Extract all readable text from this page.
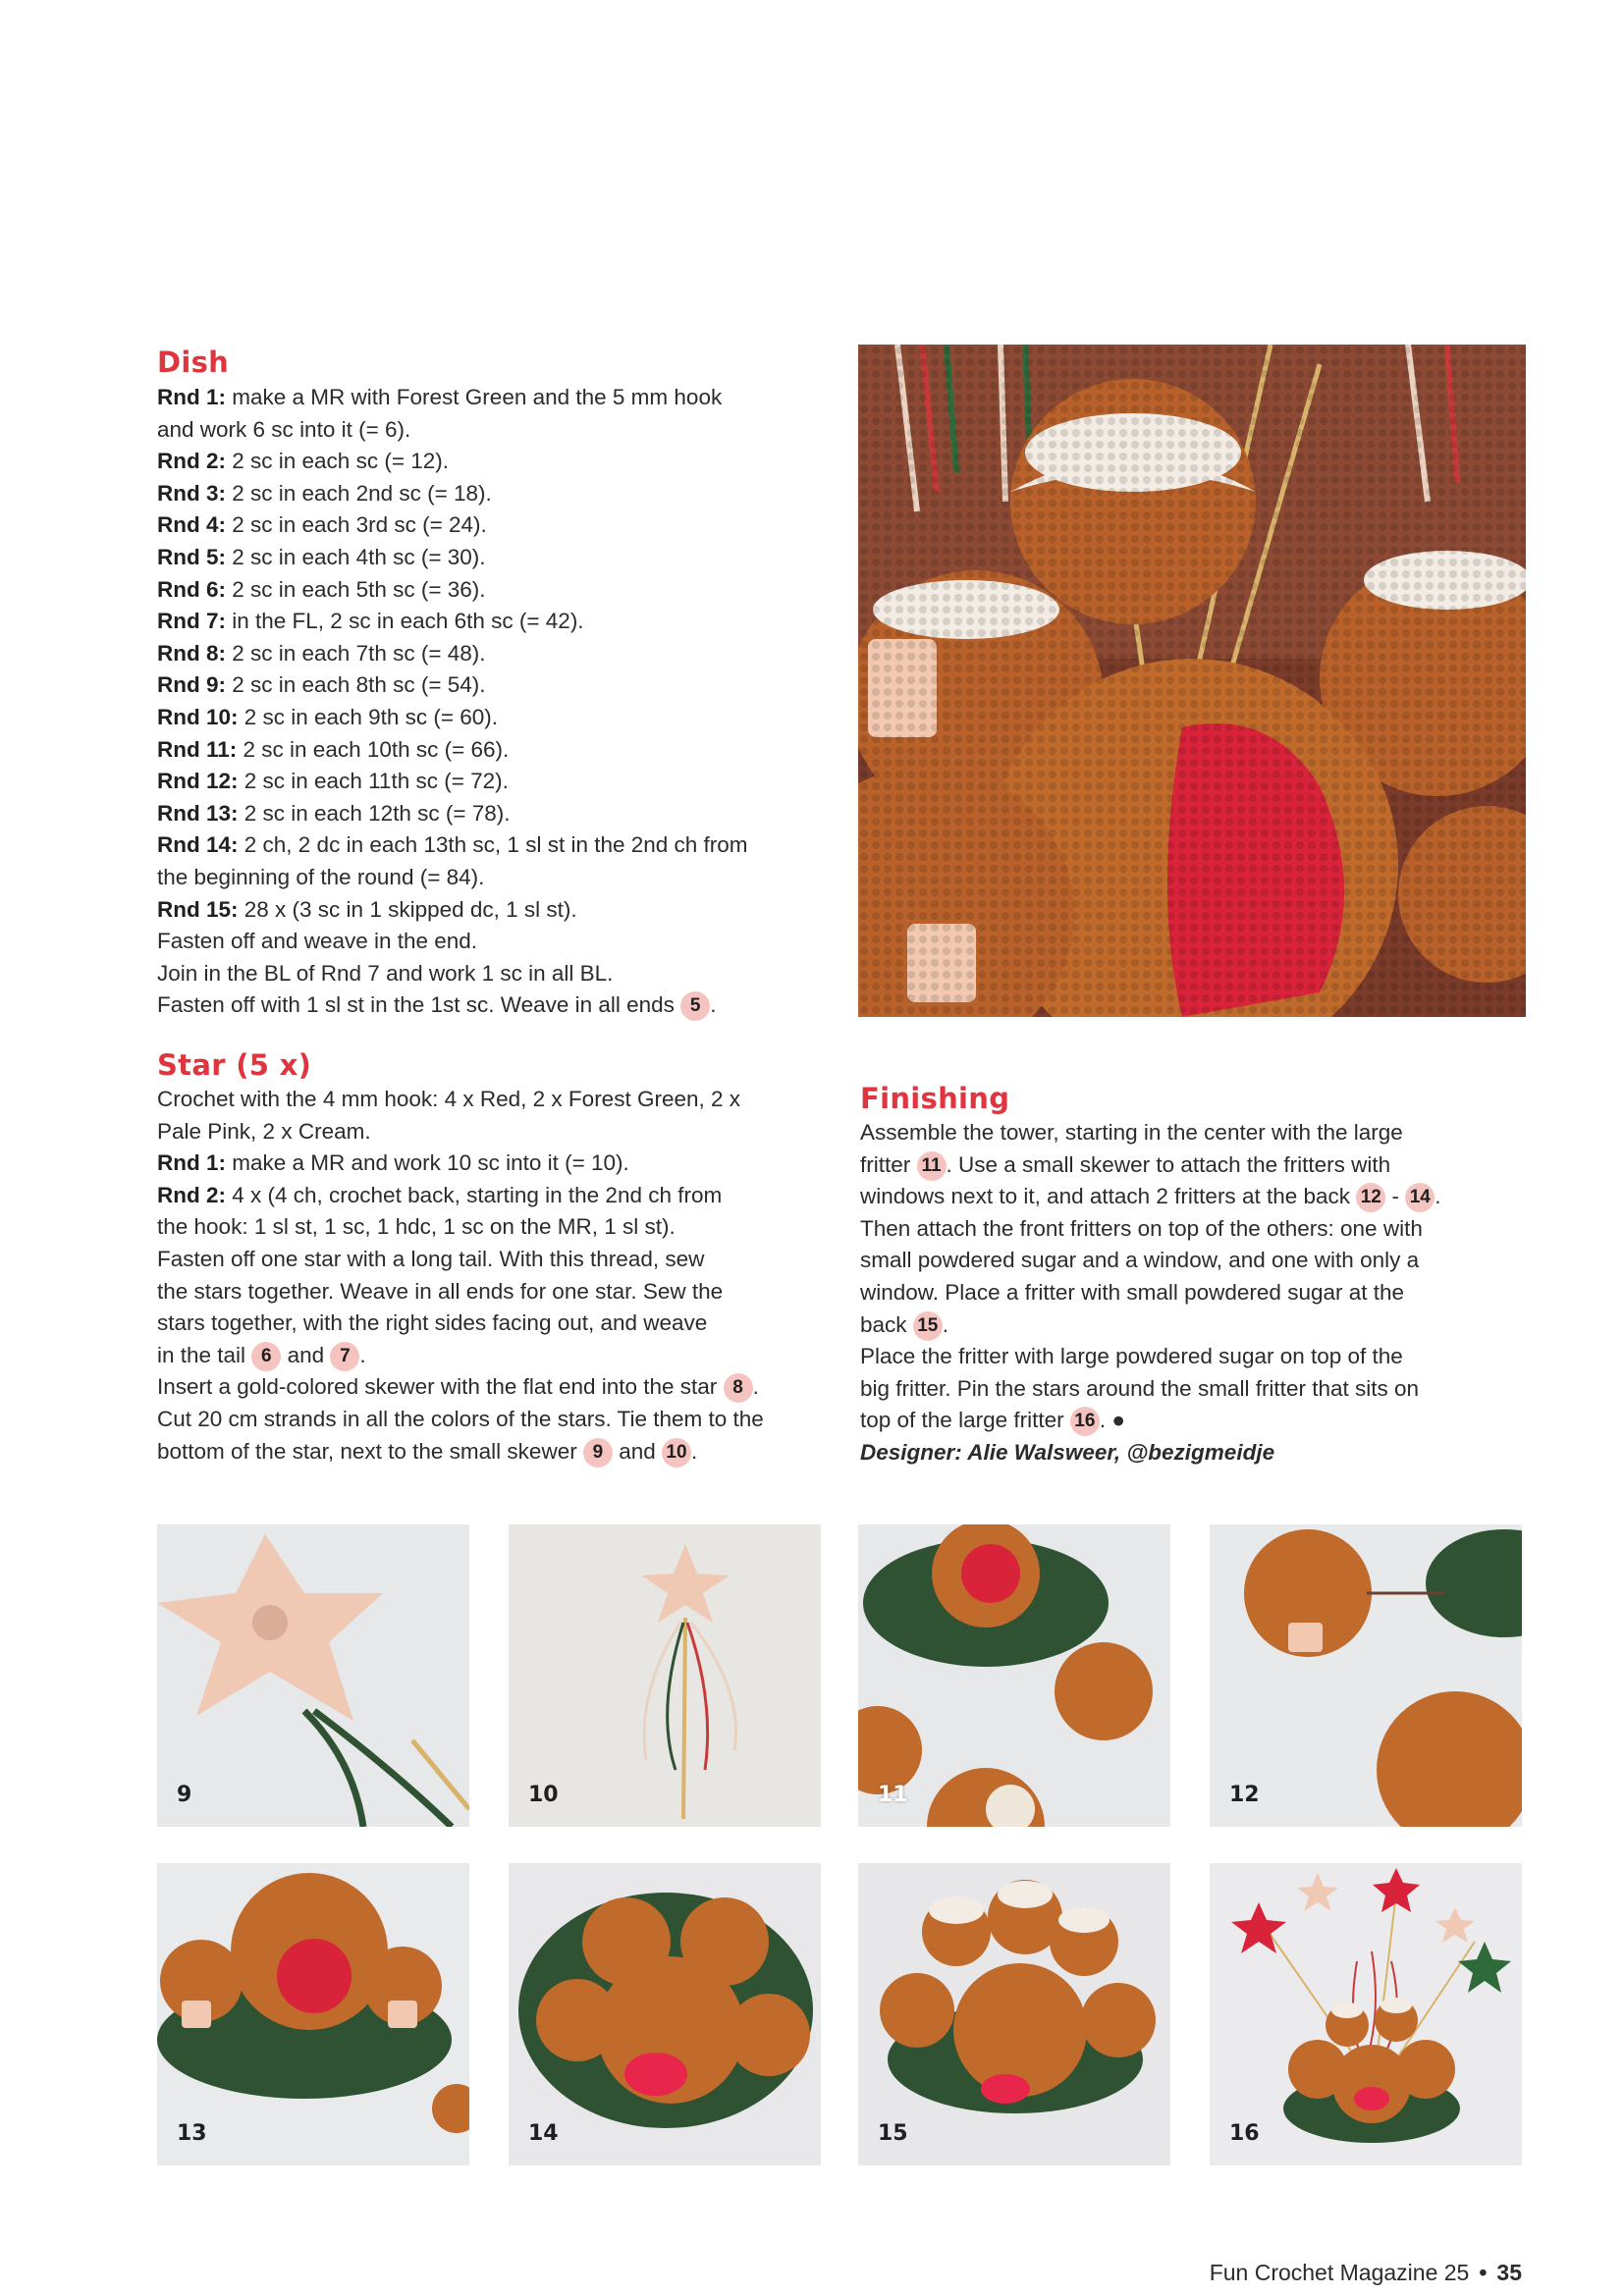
Dish

Rnd 1: make a MR with Forest Green and the 5 mm hook

and work 6 sc into it (= 6).

Rnd 2: 2 sc in each sc (= 12).

Rnd 3: 2 sc in each 2nd sc (= 18).

Rnd 4: 2 sc in each 3rd sc (= 24).

Rnd 5: 2 sc in each 4th sc (= 30).

Rnd 6: 2 sc in each 5th sc (= 36).

Rnd 7: in the FL, 2 sc in each 6th sc (= 42).

Rnd 8: 2 sc in each 7th sc (= 48).

Rnd 9: 2 sc in each 8th sc (= 54).

Rnd 10: 2 sc in each 9th sc (= 60).

Rnd 11: 2 sc in each 10th sc (= 66).

Rnd 12: 2 sc in each 11th sc (= 72).

Rnd 13: 2 sc in each 12th sc (= 78).

Rnd 14: 2 ch, 2 dc in each 13th sc, 1 sl st in the 2nd ch from

the beginning of the round (= 84).

Rnd 15: 28 x (3 sc in 1 skipped dc, 1 sl st).

Fasten off and weave in the end.

Join in the BL of Rnd 7 and work 1 sc in all BL.

Fasten off with 1 sl st in the 1st sc. Weave in all ends 5 .

Star (5 x)

Crochet with the 4 mm hook: 4 x Red, 2 x Forest Green, 2 x

Pale Pink, 2 x Cream.

Rnd 1: make a MR and work 10 sc into it (= 10).

Rnd 2: 4 x (4 ch, crochet back, starting in the 2nd ch from

the hook: 1 sl st, 1 sc, 1 hdc, 1 sc on the MR, 1 sl st).

Fasten off one star with a long tail. With this thread, sew

the stars together. Weave in all ends for one star. Sew the

stars together, with the right sides facing out, and weave

in the tail 6 and 7 .

Insert a gold-colored skewer with the flat end into the star 8 .

Cut 20 cm strands in all the colors of the stars. Tie them to the

bottom of the star, next to the small skewer 9 and 10 .

Finishing

Assemble the tower, starting in the center with the large

fritter 11 . Use a small skewer to attach the fritters with

windows next to it, and attach 2 fritters at the back 12 - 14 .

Then attach the front fritters on top of the others: one with

small powdered sugar and a window, and one with only a

window. Place a fritter with small powdered sugar at the

back 15 .

Place the fritter with large powdered sugar on top of the

big fritter. Pin the stars around the small fritter that sits on

top of the large fritter 16 . ●

Designer: Alie Walsweer, @bezigmeidje

9	10	11	12
13	14	15	16
Fun Crochet Magazine 25 • 35
